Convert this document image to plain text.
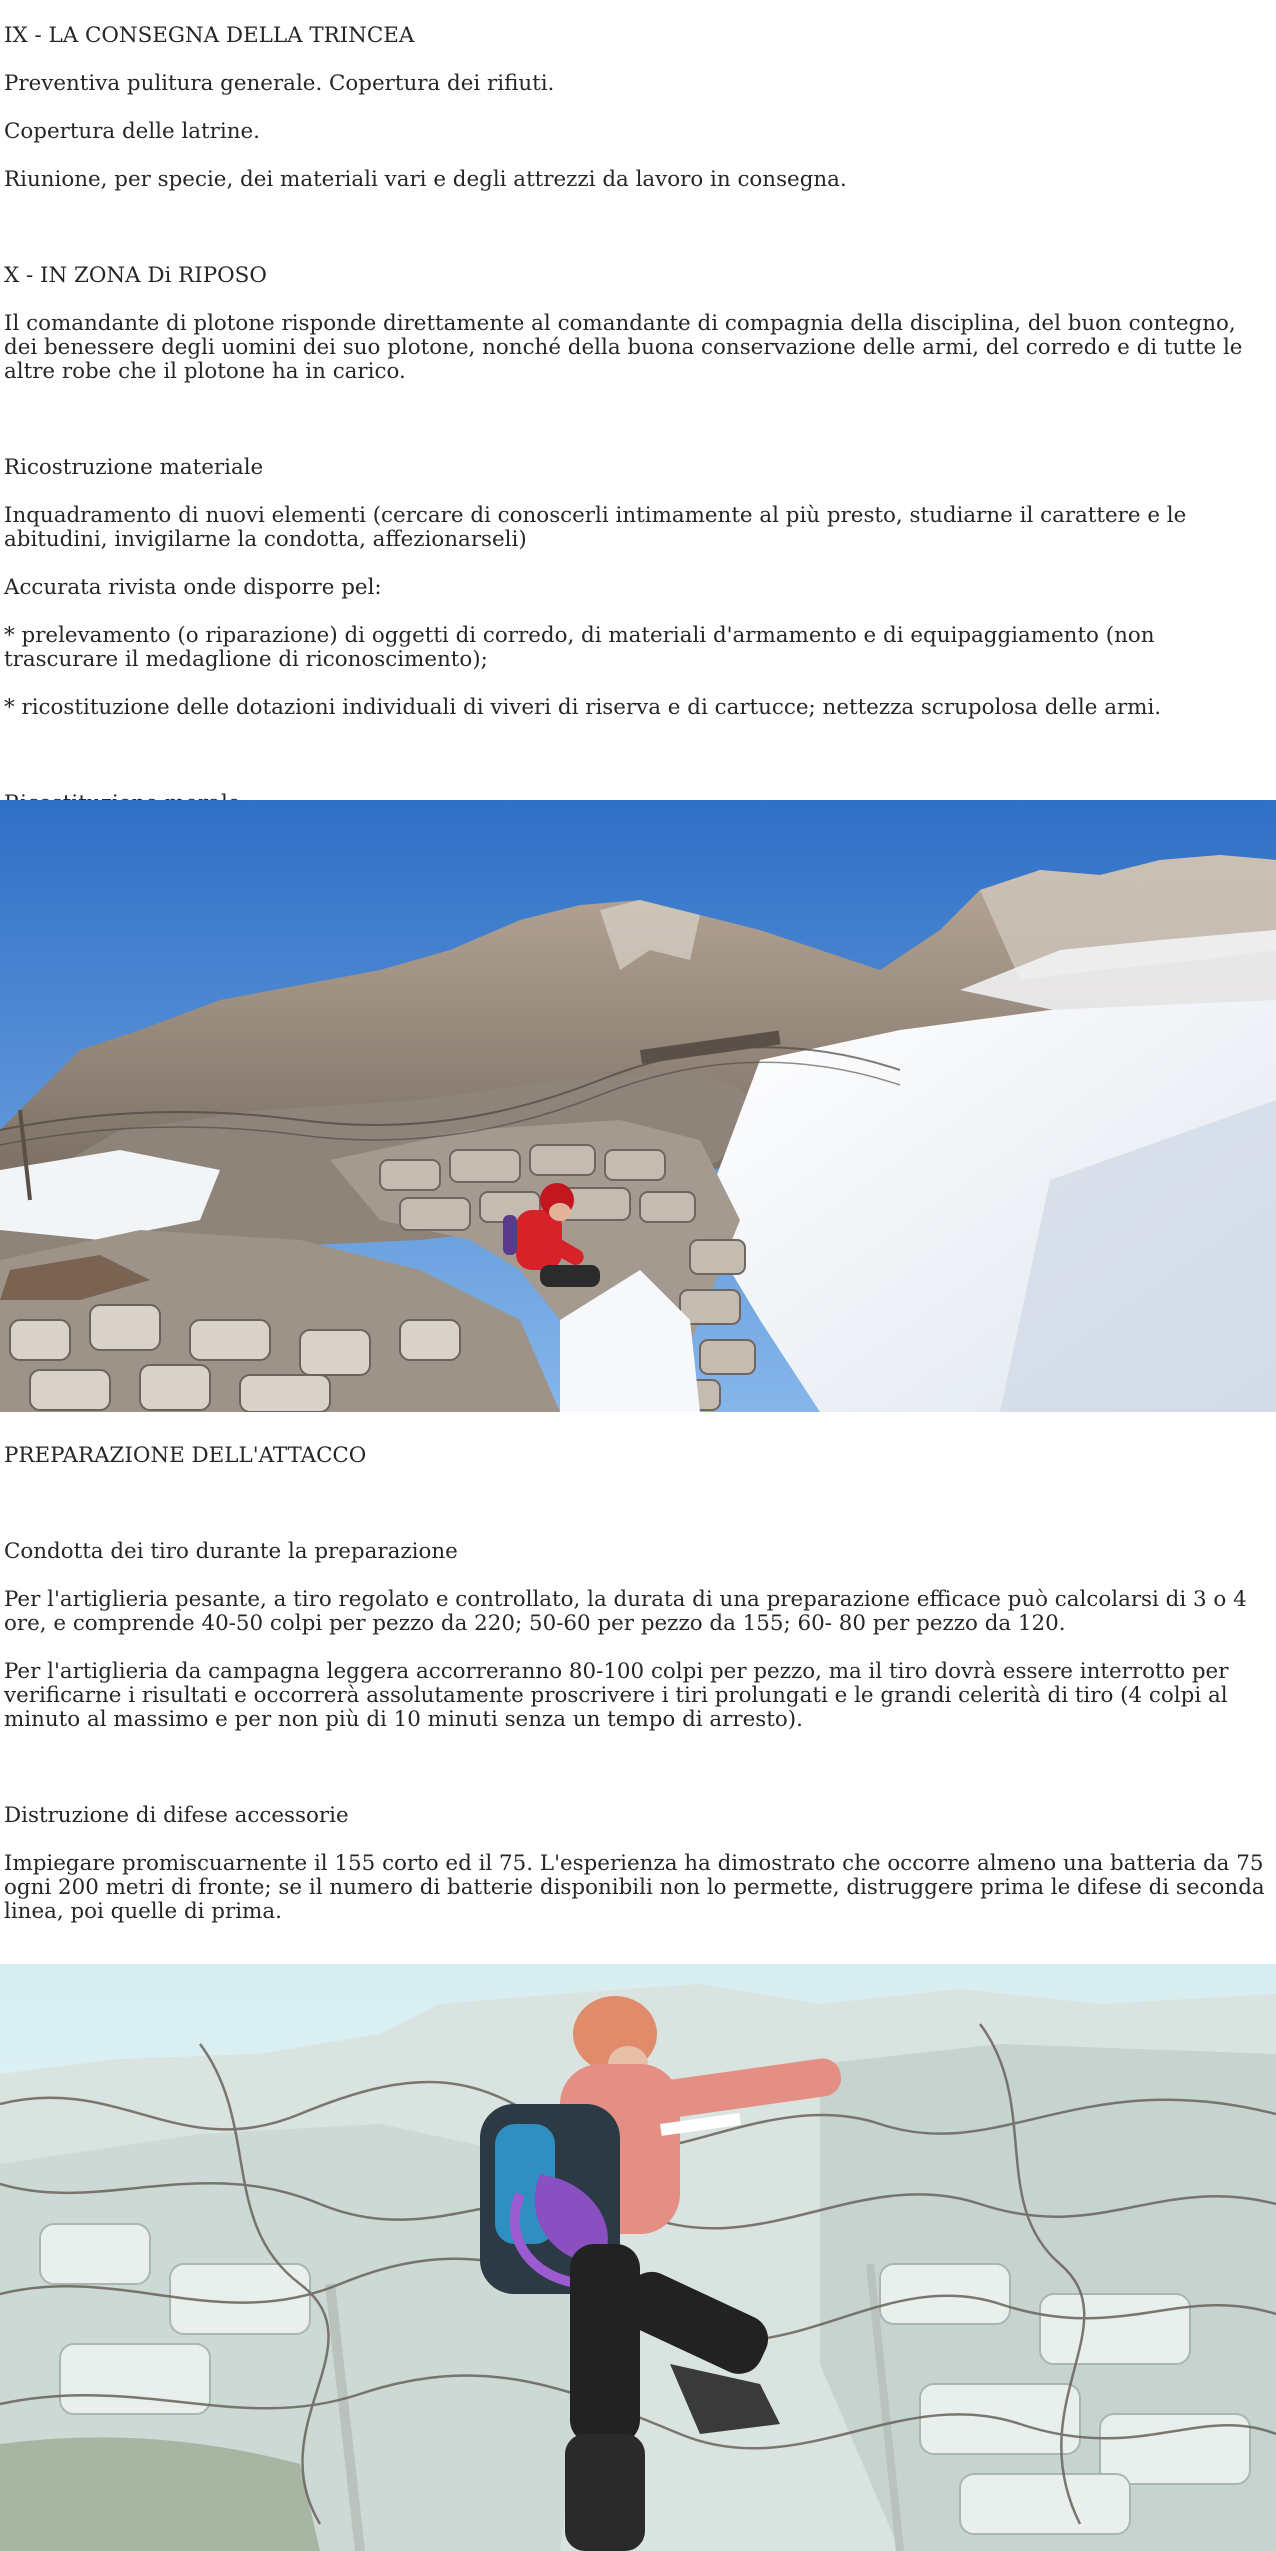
IX - LA CONSEGNA DELLA TRINCEA

Preventiva pulitura generale. Copertura dei rifiuti.

Copertura delle latrine.

Riunione, per specie, dei materiali vari e degli attrezzi da lavoro in consegna.

X - IN ZONA Di RIPOSO

Il comandante di plotone risponde direttamente al comandante di compagnia della disciplina, del buon contegno, dei benessere degli uomini dei suo plotone, nonché della buona conservazione delle armi, del corredo e di tutte le altre robe che il plotone ha in carico.

Ricostruzione materiale

Inquadramento di nuovi elementi (cercare di conoscerli intimamente al più presto, studiarne il carattere e le abitudini, invigilarne la condotta, affezionarseli)

Accurata rivista onde disporre pel:

* prelevamento (o riparazione) di oggetti di corredo, di materiali d'armamento e di equipaggiamento (non trascurare il medaglione di riconoscimento);

* ricostituzione delle dotazioni individuali di viveri di riserva e di cartucce; nettezza scrupolosa delle armi.

PREPARAZIONE DELL'ATTACCO

Condotta dei tiro durante la preparazione

Per l'artiglieria pesante, a tiro regolato e controllato, la durata di una preparazione efficace può calcolarsi di 3 o 4 ore, e comprende 40-50 colpi per pezzo da 220; 50-60 per pezzo da 155; 60- 80 per pezzo da 120.

Per l'artiglieria da campagna leggera accorreranno 80-100 colpi per pezzo, ma il tiro dovrà essere interrotto per verificarne i risultati e occorrerà assolutamente proscrivere i tiri prolungati e le grandi celerità di tiro (4 colpi al minuto al massimo e per non più di 10 minuti senza un tempo di arresto).

Distruzione di difese accessorie

Impiegare promiscuarnente il 155 corto ed il 75. L'esperienza ha dimostrato che occorre almeno una batteria da 75 ogni 200 metri di fronte; se il numero di batterie disponibili non lo permette, distruggere prima le difese di seconda linea, poi quelle di prima.
